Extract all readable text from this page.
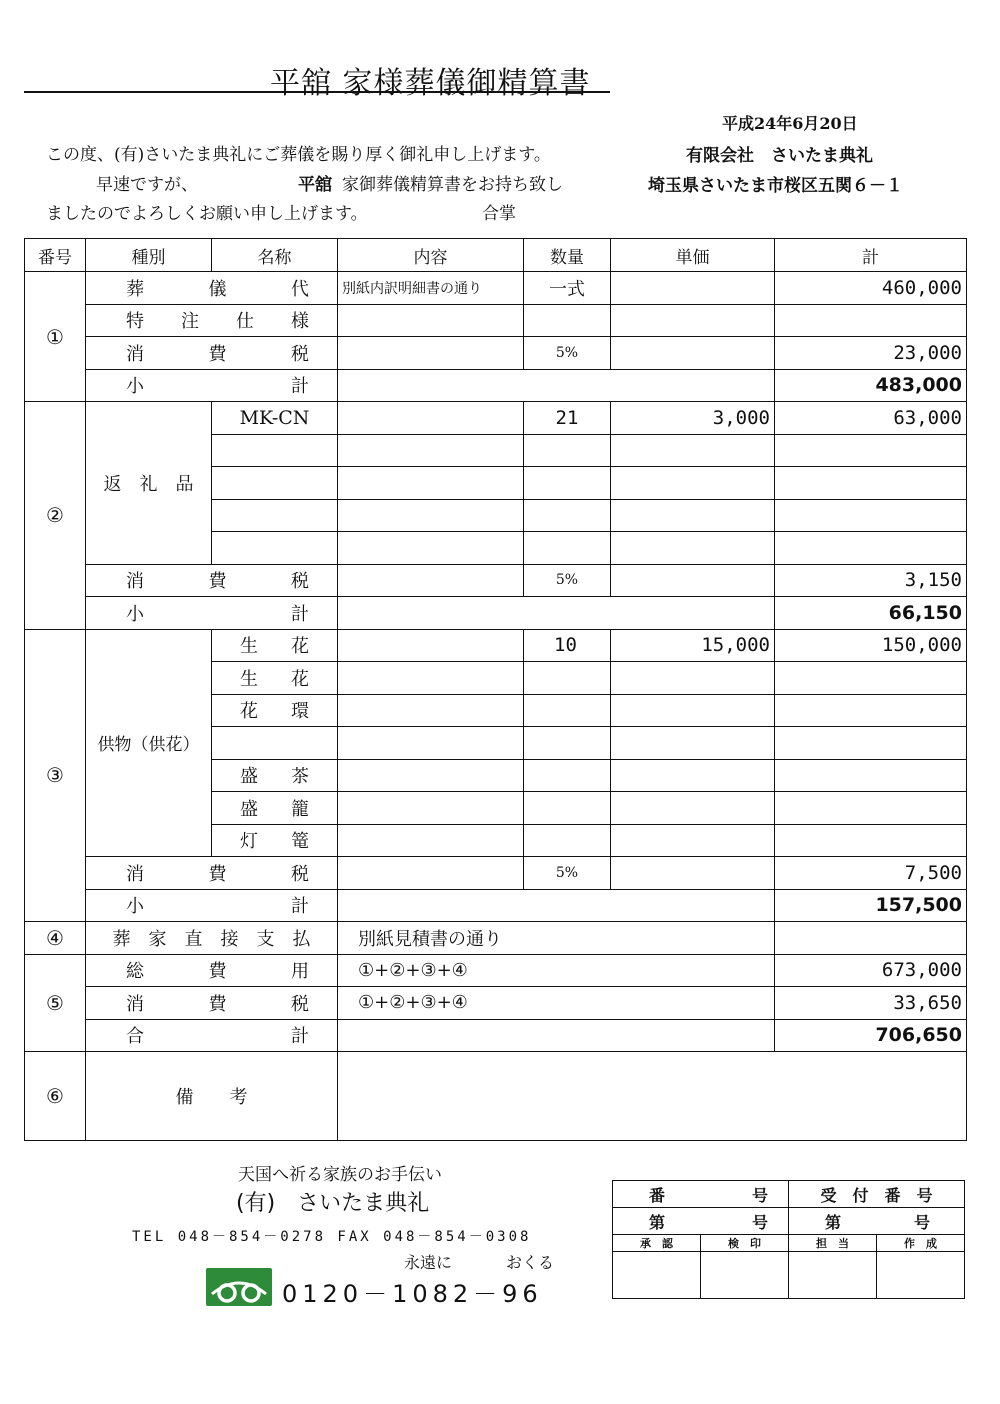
平舘 家様葬儀御精算書
この度、(有)さいたま典礼にご葬儀を賜り厚く御礼申し上げます。
早速ですが、	平舘 家御葬儀精算書をお持ち致し
ましたのでよろしくお願い申し上げます。	合掌
平成24年6月20日
有限会社　さいたま典礼
埼玉県さいたま市桜区五関６－１
番号	種別	名称	内容	数量	単価	計
①	葬　儀　代		別紙内訳明細書の通り	一式		460,000
	特　注　仕　様					
	消　費　税			5%		23,000
	小　　計					483,000
②	返　礼　品	MK-CN		21	3,000	63,000

	消　費　税			5%		3,150
	小　　計					66,150
③	供物（供花）	生　花		10	15,000	150,000
		生　花				
		花　環				

		盛　茶				
		盛　籠				
		灯　篭				
	消　費　税			5%		7,500
	小　　計					157,500
④	葬　家　直　接　支　払		別紙見積書の通り			
⑤	総　費　用		①+②+③+④			673,000
	消　費　税		①+②+③+④			33,650
	合　　計					706,650
⑥	備　　考					
天国へ祈る家族のお手伝い
(有)　さいたま典礼
TEL 048－854－0278 FAX 048－854－0308
永遠に	おくる
0120－1082－96
番　　　号		受　付　番　号	
第　　　号		第　　　号	
承　認	検　印	担　当	作　成
